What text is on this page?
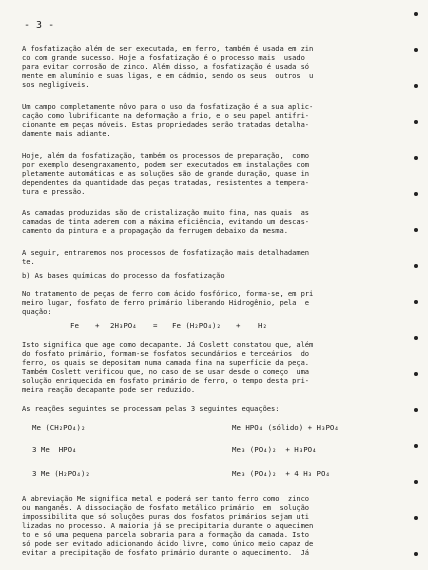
- 3 -
A fosfatização além de ser executada, em ferro, também é usada em zin
co com grande sucesso. Hoje a fosfatização é o processo mais  usado
para evitar corrosão de zinco. Além disso, a fosfatização é usada só
mente em alumínio e suas ligas, e em cádmio, sendo os seus  outros  u
sos negligíveis.
Um campo completamente nôvo para o uso da fosfatização é a sua aplic-
cação como lubrificante na deformação a frio, e o seu papel antifri-
cionante em peças móveis. Estas propriedades serão tratadas detalha-
damente mais adiante.
Hoje, além da fosfatização, também os processos de preparação,  como
por exemplo desengraxamento, podem ser executados em instalações com
pletamente automáticas e as soluções são de grande duração, quase in
dependentes da quantidade das peças tratadas, resistentes a tempera-
tura e pressão.
As camadas produzidas são de cristalização muito fina, nas quais  as
camadas de tinta aderem com a máxima eficiência, evitando um descas-
camento da pintura e a propagação da ferrugem debaixo da mesma.
A seguir, entraremos nos processos de fosfatização mais detalhadamen
te.
b) As bases químicas do processo da fosfatização
No tratamento de peças de ferro com ácido fosfórico, forma-se, em pri
meiro lugar, fosfato de ferro primário liberando Hidrogênio, pela  e
quação:
Fe + 2H₃PO₄ = Fe (H₂PO₄)₂ + H₂
Isto significa que age como decapante. Já Coslett constatou que, além
do fosfato primário, formam-se fosfatos secundários e terceários  do
ferro, os quais se depositam numa camada fina na superfície da peça.
Também Coslett verificou que, no caso de se usar desde o começo  uma
solução enriquecida em fosfato primário de ferro, o tempo desta pri-
meira reação decapante pode ser reduzido.
As reações seguintes se processam pelas 3 seguintes equações:
Me (CH₂PO₄)₂	Me HPO₄ (sólido) + H₃PO₄
3 Me  HPO₄	Me₃ (PO₄)₂  + H₃PO₄
3 Me (H₂PO₄)₂	Me₃ (PO₄)₂  + 4 H₃ PO₄
A abreviação Me significa metal e poderá ser tanto ferro como  zinco
ou manganês. A dissociação de fosfato metálico primário  em  solução
impossibilita que só soluções puras dos fosfatos primários sejam uti
lizadas no processo. A maioria já se precipitaria durante o aquecimen
to e só uma pequena parcela sobraria para a formação da camada. Isto
só pode ser evitado adicionando ácido livre, como único meio capaz de
evitar a precipitação de fosfato primário durante o aquecimento.  Já
